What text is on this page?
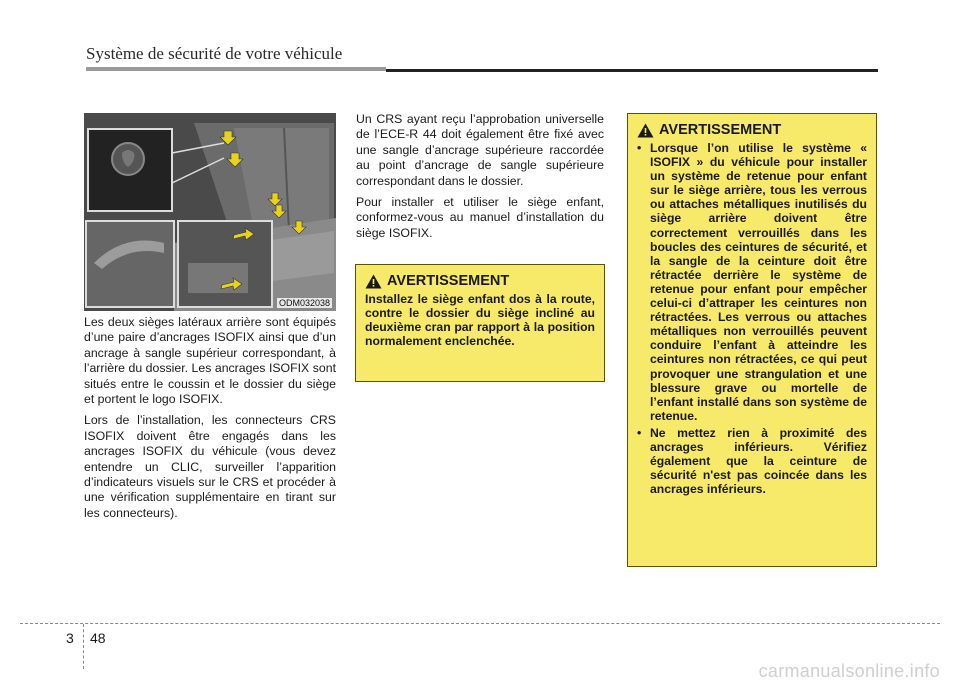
Système de sécurité de votre véhicule
ODM032038

Les deux sièges latéraux arrière sont équipés d’une paire d’ancrages ISOFIX ainsi que d’un ancrage à sangle supérieur correspondant, à l’arrière du dossier. Les ancrages ISOFIX sont situés entre le coussin et le dossier du siège et portent le logo ISOFIX.

Lors de l’installation, les connecteurs CRS ISOFIX doivent être engagés dans les ancrages ISOFIX du véhicule (vous devez entendre un CLIC, surveiller l’apparition d’indicateurs visuels sur le CRS et procéder à une vérification supplémentaire en tirant sur les connecteurs).

Un CRS ayant reçu l’approbation universelle de l’ECE-R 44 doit également être fixé avec une sangle d’ancrage supérieure raccordée au point d’ancrage de sangle supérieure correspondant dans le dossier.

Pour installer et utiliser le siège enfant, conformez-vous au manuel d’installation du siège ISOFIX.

AVERTISSEMENT
Installez le siège enfant dos à la route, contre le dossier du siège incliné au deuxième cran par rapport à la position normalement enclenchée.
AVERTISSEMENT
• Lorsque l’on utilise le système « ISOFIX » du véhicule pour installer un système de retenue pour enfant sur le siège arrière, tous les verrous ou attaches métalliques inutilisés du siège arrière doivent être correctement verrouillés dans les boucles des ceintures de sécurité, et la sangle de la ceinture doit être rétractée derrière le système de retenue pour enfant pour empêcher celui-ci d’attraper les ceintures non rétractées. Les verrous ou attaches métalliques non verrouillés peuvent conduire l’enfant à atteindre les ceintures non rétractées, ce qui peut provoquer une strangulation et une blessure grave ou mortelle de l’enfant installé dans son système de retenue.
• Ne mettez rien à proximité des ancrages inférieurs. Vérifiez également que la ceinture de sécurité n'est pas coincée dans les ancrages inférieurs.
3 48
carmanualsonline.info
